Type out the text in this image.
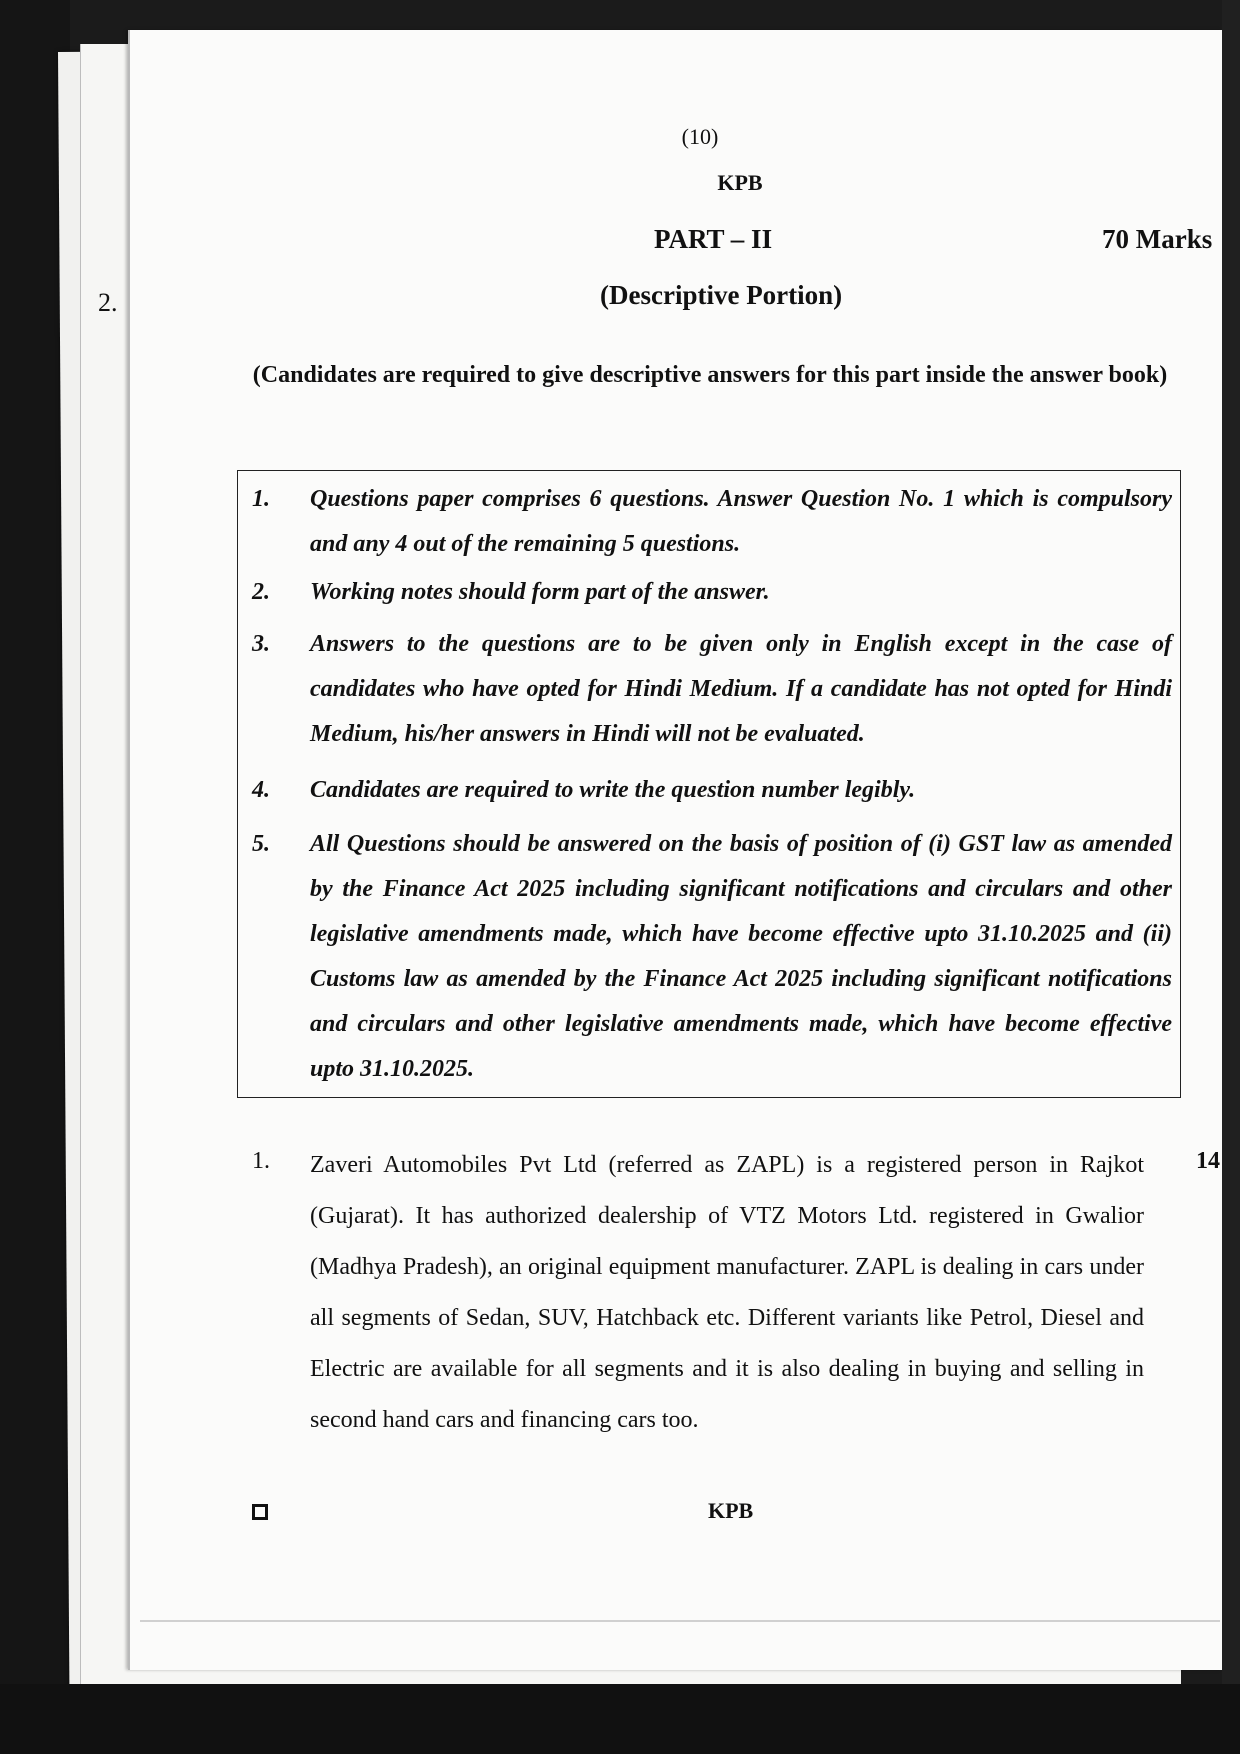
2.
(10)
KPB
PART – II	70 Marks
(Descriptive Portion)
(Candidates are required to give descriptive answers for this part inside the answer book)
1.	Questions paper comprises 6 questions. Answer Question No. 1 which is compulsory and any 4 out of the remaining 5 questions.
2.	Working notes should form part of the answer.
3.	Answers to the questions are to be given only in English except in the case of candidates who have opted for Hindi Medium. If a candidate has not opted for Hindi Medium, his/her answers in Hindi will not be evaluated.
4.	Candidates are required to write the question number legibly.
5.	All Questions should be answered on the basis of position of (i) GST law as amended by the Finance Act 2025 including significant notifications and circulars and other legislative amendments made, which have become effective upto 31.10.2025 and (ii) Customs law as amended by the Finance Act 2025 including significant notifications and circulars and other legislative amendments made, which have become effective upto 31.10.2025.
1. Zaveri Automobiles Pvt Ltd (referred as ZAPL) is a registered person in Rajkot (Gujarat). It has authorized dealership of VTZ Motors Ltd. registered in Gwalior (Madhya Pradesh), an original equipment manufacturer. ZAPL is dealing in cars under all segments of Sedan, SUV, Hatchback etc. Different variants like Petrol, Diesel and Electric are available for all segments and it is also dealing in buying and selling in second hand cars and financing cars too.
14
KPB
